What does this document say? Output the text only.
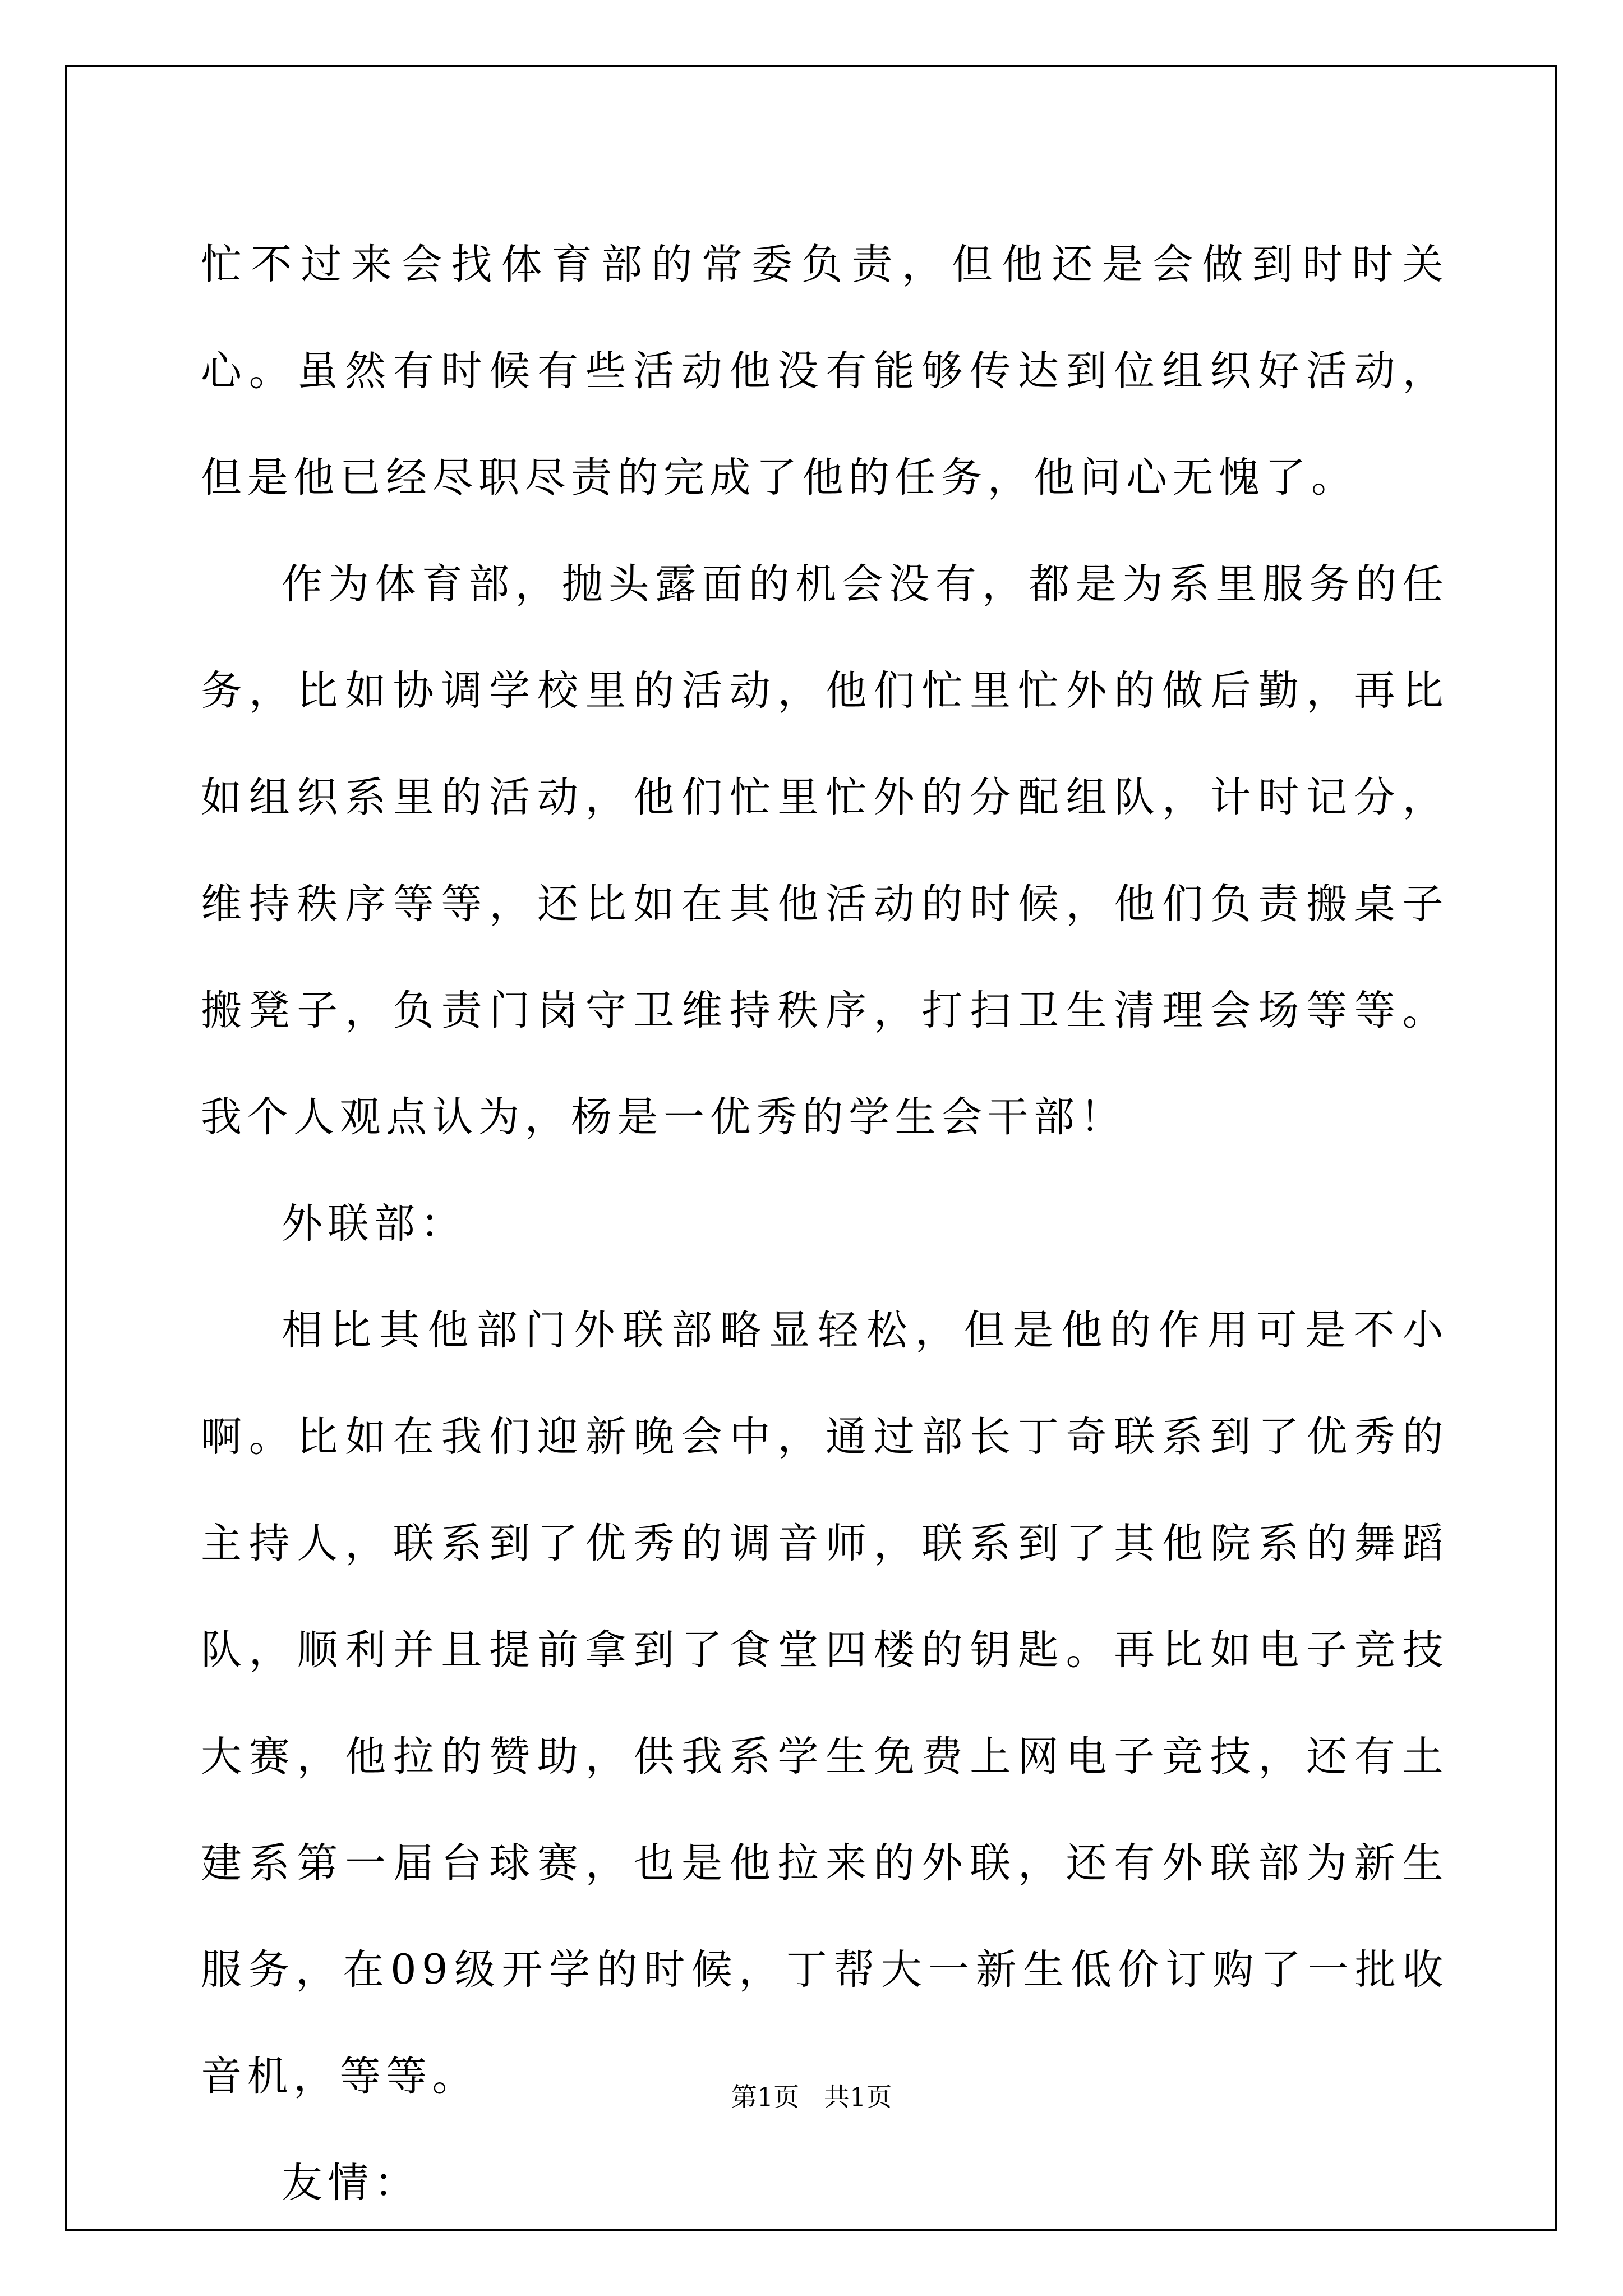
忙不过来会找体育部的常委负责，但他还是会做到时时关心。虽然有时候有些活动他没有能够传达到位组织好活动，但是他已经尽职尽责的完成了他的任务，他问心无愧了。

作为体育部，抛头露面的机会没有，都是为系里服务的任务，比如协调学校里的活动，他们忙里忙外的做后勤，再比如组织系里的活动，他们忙里忙外的分配组队，计时记分，维持秩序等等，还比如在其他活动的时候，他们负责搬桌子搬凳子，负责门岗守卫维持秩序，打扫卫生清理会场等等。我个人观点认为，杨是一优秀的学生会干部！

外联部：

相比其他部门外联部略显轻松，但是他的作用可是不小啊。比如在我们迎新晚会中，通过部长丁奇联系到了优秀的主持人，联系到了优秀的调音师，联系到了其他院系的舞蹈队，顺利并且提前拿到了食堂四楼的钥匙。再比如电子竞技大赛，他拉的赞助，供我系学生免费上网电子竞技，还有土建系第一届台球赛，也是他拉来的外联，还有外联部为新生服务，在09级开学的时候，丁帮大一新生低价订购了一批收音机，等等。

友情：

第1页 共1页
